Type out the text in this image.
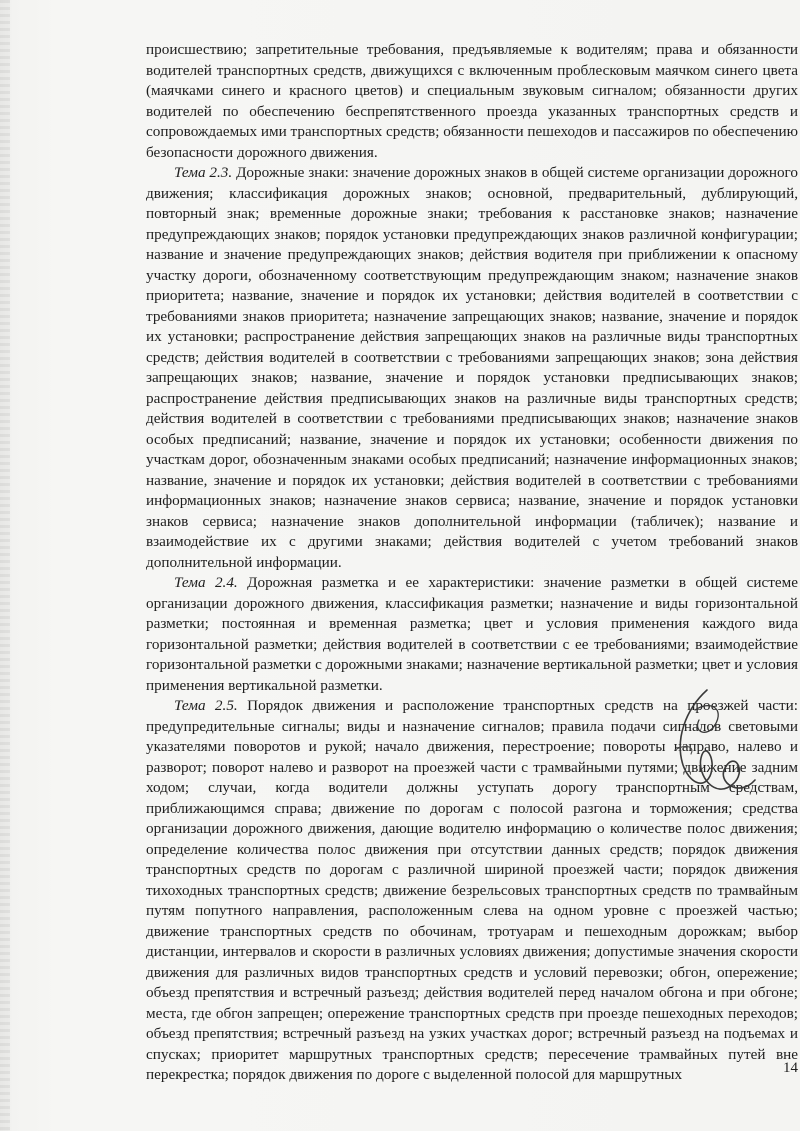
происшествию; запретительные требования, предъявляемые к водителям; права и обязанности водителей транспортных средств, движущихся с включенным проблесковым маячком синего цвета (маячками синего и красного цветов) и специальным звуковым сигналом; обязанности других водителей по обеспечению беспрепятственного проезда указанных транспортных средств и сопровождаемых ими транспортных средств; обязанности пешеходов и пассажиров по обеспечению безопасности дорожного движения.

Тема 2.3. Дорожные знаки: значение дорожных знаков в общей системе организации дорожного движения; классификация дорожных знаков; основной, предварительный, дублирующий, повторный знак; временные дорожные знаки; требования к расстановке знаков; назначение предупреждающих знаков; порядок установки предупреждающих знаков различной конфигурации; название и значение предупреждающих знаков; действия водителя при приближении к опасному участку дороги, обозначенному соответствующим предупреждающим знаком; назначение знаков приоритета; название, значение и порядок их установки; действия водителей в соответствии с требованиями знаков приоритета; назначение запрещающих знаков; название, значение и порядок их установки; распространение действия запрещающих знаков на различные виды транспортных средств; действия водителей в соответствии с требованиями запрещающих знаков; зона действия запрещающих знаков; название, значение и порядок установки предписывающих знаков; распространение действия предписывающих знаков на различные виды транспортных средств; действия водителей в соответствии с требованиями предписывающих знаков; назначение знаков особых предписаний; название, значение и порядок их установки; особенности движения по участкам дорог, обозначенным знаками особых предписаний; назначение информационных знаков; название, значение и порядок их установки; действия водителей в соответствии с требованиями информационных знаков; назначение знаков сервиса; название, значение и порядок установки знаков сервиса; назначение знаков дополнительной информации (табличек); название и взаимодействие их с другими знаками; действия водителей с учетом требований знаков дополнительной информации.

Тема 2.4. Дорожная разметка и ее характеристики: значение разметки в общей системе организации дорожного движения, классификация разметки; назначение и виды горизонтальной разметки; постоянная и временная разметка; цвет и условия применения каждого вида горизонтальной разметки; действия водителей в соответствии с ее требованиями; взаимодействие горизонтальной разметки с дорожными знаками; назначение вертикальной разметки; цвет и условия применения вертикальной разметки.

Тема 2.5. Порядок движения и расположение транспортных средств на проезжей части: предупредительные сигналы; виды и назначение сигналов; правила подачи сигналов световыми указателями поворотов и рукой; начало движения, перестроение; повороты направо, налево и разворот; поворот налево и разворот на проезжей части с трамвайными путями; движение задним ходом; случаи, когда водители должны уступать дорогу транспортным средствам, приближающимся справа; движение по дорогам с полосой разгона и торможения; средства организации дорожного движения, дающие водителю информацию о количестве полос движения; определение количества полос движения при отсутствии данных средств; порядок движения транспортных средств по дорогам с различной шириной проезжей части; порядок движения тихоходных транспортных средств; движение безрельсовых транспортных средств по трамвайным путям попутного направления, расположенным слева на одном уровне с проезжей частью; движение транспортных средств по обочинам, тротуарам и пешеходным дорожкам; выбор дистанции, интервалов и скорости в различных условиях движения; допустимые значения скорости движения для различных видов транспортных средств и условий перевозки; обгон, опережение; объезд препятствия и встречный разъезд; действия водителей перед началом обгона и при обгоне; места, где обгон запрещен; опережение транспортных средств при проезде пешеходных переходов; объезд препятствия; встречный разъезд на узких участках дорог; встречный разъезд на подъемах и спусках; приоритет маршрутных транспортных средств; пересечение трамвайных путей вне перекрестка; порядок движения по дороге с выделенной полосой для маршрутных	14
